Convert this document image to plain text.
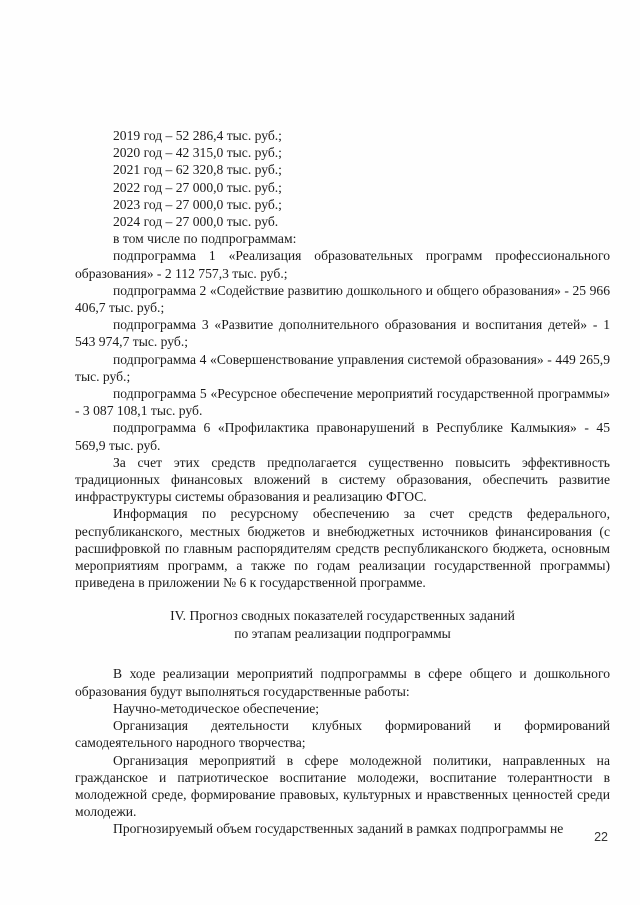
2019 год – 52 286,4 тыс. руб.;

2020 год – 42 315,0 тыс. руб.;

2021 год – 62 320,8 тыс. руб.;

2022 год – 27 000,0 тыс. руб.;

2023 год – 27 000,0 тыс. руб.;

2024 год – 27 000,0 тыс. руб.

в том числе по подпрограммам:

подпрограмма 1 «Реализация образовательных программ профессионального образования» - 2 112 757,3 тыс. руб.;

подпрограмма 2 «Содействие развитию дошкольного и общего образования» - 25 966 406,7 тыс. руб.;

подпрограмма 3 «Развитие дополнительного образования и воспитания детей» - 1 543 974,7 тыс. руб.;

подпрограмма 4 «Совершенствование управления системой образования» - 449 265,9 тыс. руб.;

подпрограмма 5 «Ресурсное обеспечение мероприятий государственной программы» - 3 087 108,1 тыс. руб.

подпрограмма 6 «Профилактика правонарушений в Республике Калмыкия» - 45 569,9 тыс. руб.

За счет этих средств предполагается существенно повысить эффективность традиционных финансовых вложений в систему образования, обеспечить развитие инфраструктуры системы образования и реализацию ФГОС.

Информация по ресурсному обеспечению за счет средств федерального, республиканского, местных бюджетов и внебюджетных источников финансирования (с расшифровкой по главным распорядителям средств республиканского бюджета, основным мероприятиям программ, а также по годам реализации государственной программы) приведена в приложении № 6 к государственной программе.

IV. Прогноз сводных показателей государственных заданий
по этапам реализации подпрограммы

В ходе реализации мероприятий подпрограммы в сфере общего и дошкольного образования будут выполняться государственные работы:

Научно-методическое обеспечение;

Организация деятельности клубных формирований и формирований самодеятельного народного творчества;

Организация мероприятий в сфере молодежной политики, направленных на гражданское и патриотическое воспитание молодежи, воспитание толерантности в молодежной среде, формирование правовых, культурных и нравственных ценностей среди молодежи.

Прогнозируемый объем государственных заданий в рамках подпрограммы не

22
